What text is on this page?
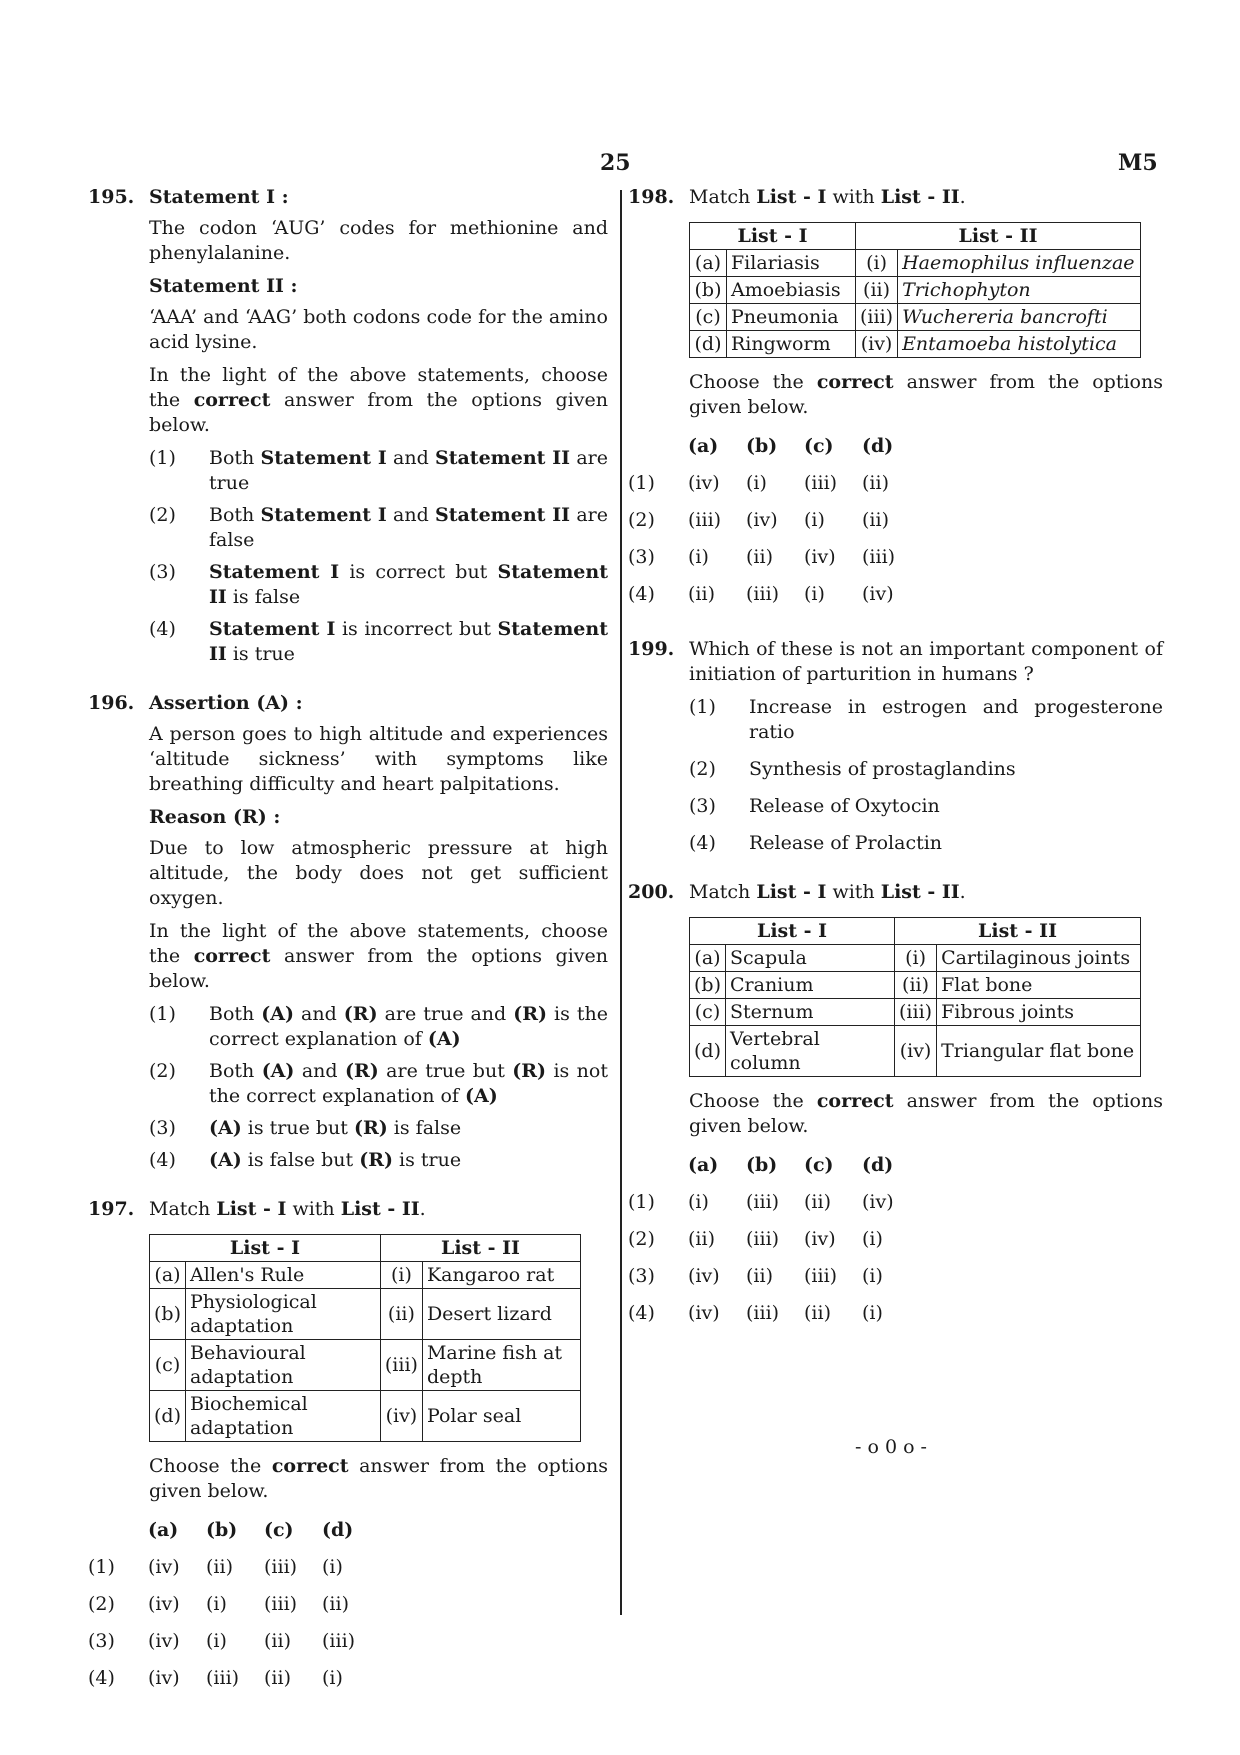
25	M5
195. Statement I :

The codon ‘AUG’ codes for methionine and phenylalanine.

Statement II :

‘AAA’ and ‘AAG’ both codons code for the amino acid lysine.

In the light of the above statements, choose the correct answer from the options given below.

(1) Both Statement I and Statement II are true
(2) Both Statement I and Statement II are false
(3) Statement I is correct but Statement II is false
(4) Statement I is incorrect but Statement II is true
196. Assertion (A) :

A person goes to high altitude and experiences ‘altitude sickness’ with symptoms like breathing difficulty and heart palpitations.

Reason (R) :

Due to low atmospheric pressure at high altitude, the body does not get sufficient oxygen.

In the light of the above statements, choose the correct answer from the options given below.

(1) Both (A) and (R) are true and (R) is the correct explanation of (A)
(2) Both (A) and (R) are true but (R) is not the correct explanation of (A)
(3) (A) is true but (R) is false
(4) (A) is false but (R) is true
197. Match List - I with List - II.

List - I		List - II	
(a)	Allen's Rule	(i)	Kangaroo rat
(b)	Physiological adaptation	(ii)	Desert lizard
(c)	Behavioural adaptation	(iii)	Marine fish at depth
(d)	Biochemical adaptation	(iv)	Polar seal

Choose the correct answer from the options given below.

	(a)	(b)	(c)	(d)
(1)	(iv)	(ii)	(iii)	(i)
(2)	(iv)	(i)	(iii)	(ii)
(3)	(iv)	(i)	(ii)	(iii)
(4)	(iv)	(iii)	(ii)	(i)
198. Match List - I with List - II.

List - I		List - II	
(a)	Filariasis	(i)	Haemophilus influenzae
(b)	Amoebiasis	(ii)	Trichophyton
(c)	Pneumonia	(iii)	Wuchereria bancrofti
(d)	Ringworm	(iv)	Entamoeba histolytica

Choose the correct answer from the options given below.

	(a)	(b)	(c)	(d)
(1)	(iv)	(i)	(iii)	(ii)
(2)	(iii)	(iv)	(i)	(ii)
(3)	(i)	(ii)	(iv)	(iii)
(4)	(ii)	(iii)	(i)	(iv)
199. Which of these is not an important component of initiation of parturition in humans ?

(1) Increase in estrogen and progesterone ratio
(2) Synthesis of prostaglandins
(3) Release of Oxytocin
(4) Release of Prolactin
200. Match List - I with List - II.

List - I		List - II	
(a)	Scapula	(i)	Cartilaginous joints
(b)	Cranium	(ii)	Flat bone
(c)	Sternum	(iii)	Fibrous joints
(d)	Vertebral column	(iv)	Triangular flat bone

Choose the correct answer from the options given below.

	(a)	(b)	(c)	(d)
(1)	(i)	(iii)	(ii)	(iv)
(2)	(ii)	(iii)	(iv)	(i)
(3)	(iv)	(ii)	(iii)	(i)
(4)	(iv)	(iii)	(ii)	(i)
- o 0 o -
